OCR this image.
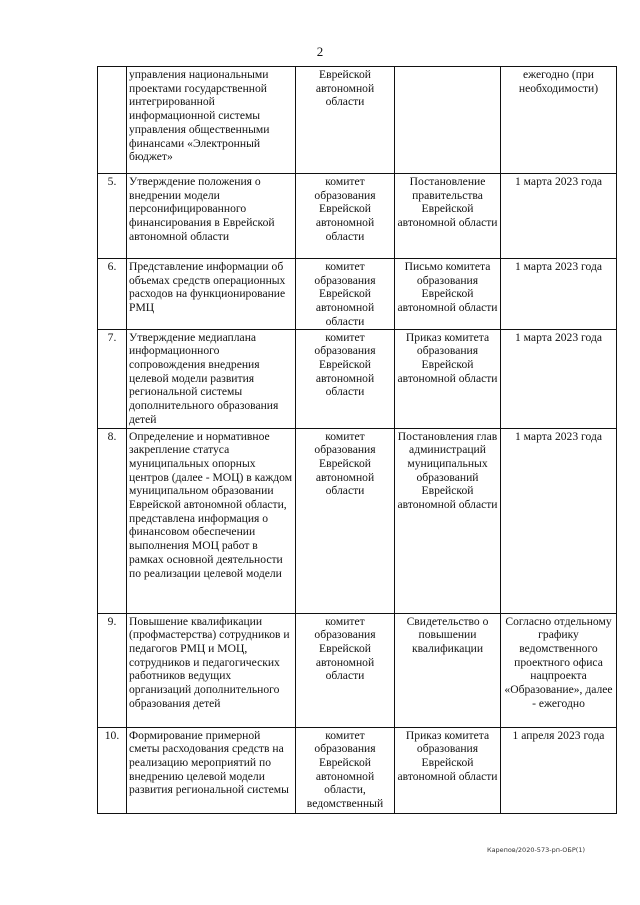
2
	управления национальными проектами государственной интегрированной информационной системы управления общественными финансами «Электронный бюджет»	Еврейской автономной области		ежегодно (при необходимости)
5.	Утверждение положения о внедрении модели персонифицированного финансирования в Еврейской автономной области	комитет образования Еврейской автономной области	Постановление правительства Еврейской автономной области	1 марта 2023 года
6.	Представление информации об объемах средств операционных расходов на функционирование РМЦ	комитет образования Еврейской автономной области	Письмо комитета образования Еврейской автономной области	1 марта 2023 года
7.	Утверждение медиаплана информационного сопровождения внедрения целевой модели развития региональной системы дополнительного образования детей	комитет образования Еврейской автономной области	Приказ комитета образования Еврейской автономной области	1 марта 2023 года
8.	Определение и нормативное закрепление статуса муниципальных опорных центров (далее - МОЦ) в каждом муниципальном образовании Еврейской автономной области, представлена информация о финансовом обеспечении выполнения МОЦ работ в рамках основной деятельности по реализации целевой модели	комитет образования Еврейской автономной области	Постановления глав администраций муниципальных образований Еврейской автономной области	1 марта 2023 года
9.	Повышение квалификации (профмастерства) сотрудников и педагогов РМЦ и МОЦ, сотрудников и педагогических работников ведущих организаций дополнительного образования детей	комитет образования Еврейской автономной области	Свидетельство о повышении квалификации	Согласно отдельному графику ведомственного проектного офиса нацпроекта «Образование», далее - ежегодно
10.	Формирование примерной сметы расходования средств на реализацию мероприятий по внедрению целевой модели развития региональной системы	комитет образования Еврейской автономной области, ведомственный	Приказ комитета образования Еврейской автономной области	1 апреля 2023 года
Карепов/2020-573-рп-ОБР(1)
